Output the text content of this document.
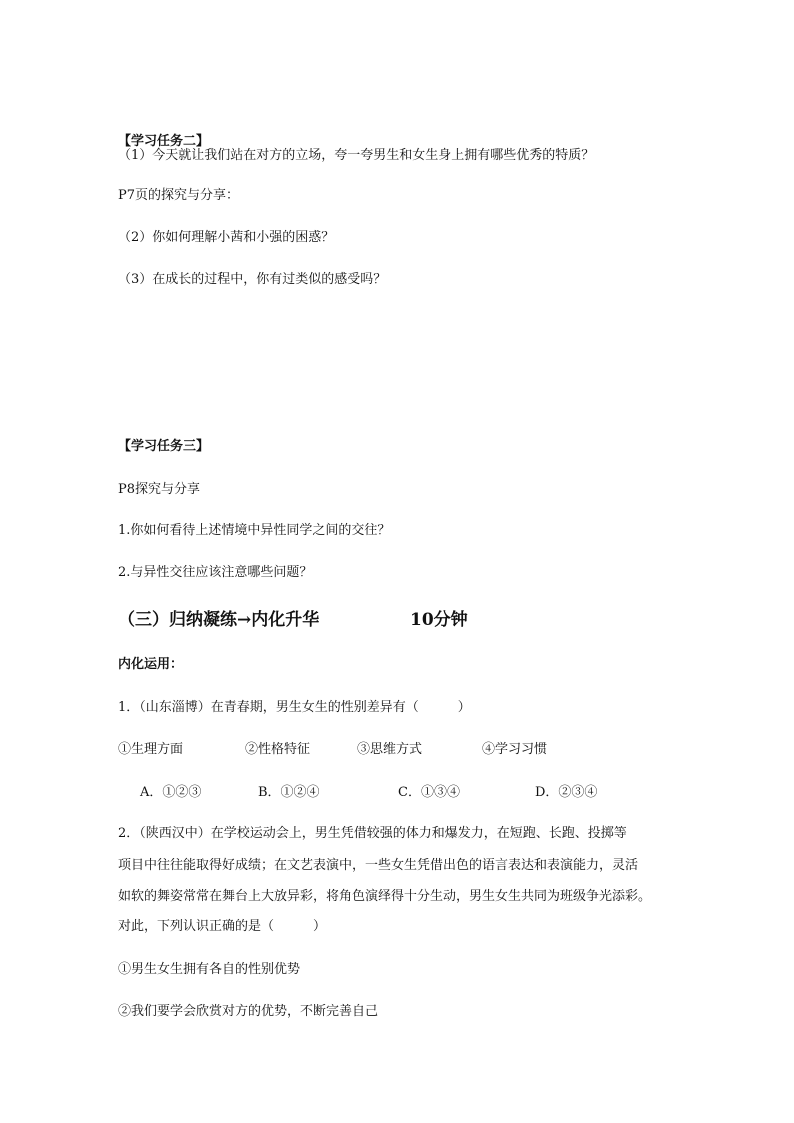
【学习任务二】
（1）今天就让我们站在对方的立场，夸一夸男生和女生身上拥有哪些优秀的特质？
P7页的探究与分享：
（2）你如何理解小茜和小强的困惑？
（3）在成长的过程中，你有过类似的感受吗？
【学习任务三】
P8探究与分享
1.你如何看待上述情境中异性同学之间的交往？
2.与异性交往应该注意哪些问题？
（三）归纳凝练→内化升华	10分钟
内化运用：
1．（山东淄博）在青春期，男生女生的性别差异有（　　　）
①生理方面	②性格特征	③思维方式	④学习习惯
A．①②③	B．①②④	C．①③④	D．②③④
2．（陕西汉中）在学校运动会上，男生凭借较强的体力和爆发力，在短跑、长跑、投掷等
项目中往往能取得好成绩；在文艺表演中，一些女生凭借出色的语言表达和表演能力，灵活
如软的舞姿常常在舞台上大放异彩，将角色演绎得十分生动，男生女生共同为班级争光添彩。
对此，下列认识正确的是（　　　）
①男生女生拥有各自的性别优势
②我们要学会欣赏对方的优势，不断完善自己
